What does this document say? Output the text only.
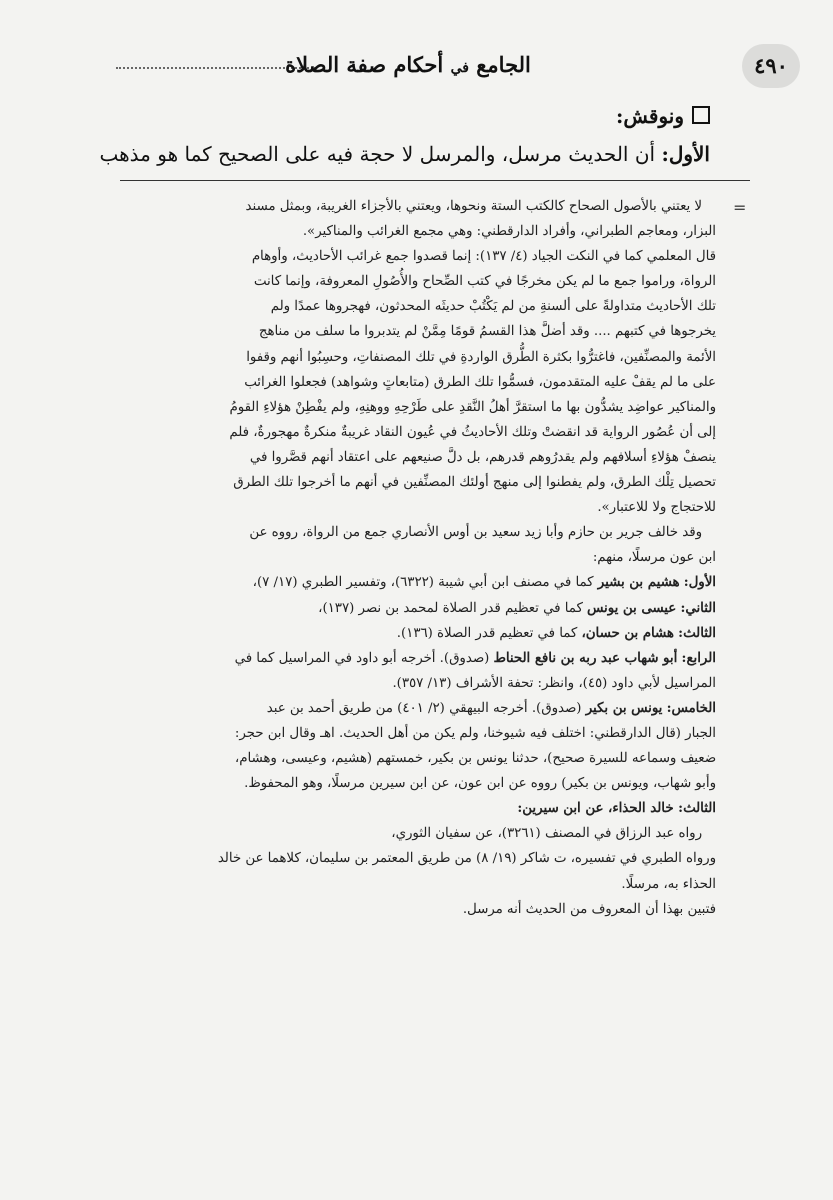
الجامع في أحكام صفة الصلاة	٤٩٠
ونوقش:
الأول: أن الحديث مرسل، والمرسل لا حجة فيه على الصحيح كما هو مذهب
=

لا يعتني بالأصول الصحاح كالكتب الستة ونحوها، ويعتني بالأجزاء الغريبة، وبمثل مسند

البزار، ومعاجم الطبراني، وأفراد الدارقطني: وهي مجمع الغرائب والمناكير».

قال المعلمي كما في النكت الجياد (٤/ ١٣٧): إنما قصدوا جمع غرائب الأحاديث، وأوهام

الرواة، وراموا جمع ما لم يكن مخرجًا في كتب الصِّحاح والأُصُولِ المعروفة، وإنما كانت

تلك الأحاديث متداولةً على ألسنةِ من لم يَكْتُبْ حديثَه المحدثون، فهجروها عمدًا ولم

يخرجوها في كتبهم .... وقد أضلَّ هذا القسمُ قومًا مِمَّنْ لم يتدبروا ما سلف من مناهج

الأئمة والمصنِّفين، فاغترُّوا بكثرة الطُّرق الواردةِ في تلك المصنفاتِ، وحسِبُوا أنهم وقفوا

على ما لم يقفْ عليه المتقدمون، فسمُّوا تلك الطرق (متابعاتٍ وشواهد) فجعلوا الغرائب

والمناكير عواضِد يشدُّون بها ما استقرَّ أهلُ النَّقدِ على طَرْحِهِ ووهنِهِ، ولم يفْطِنْ هؤلاءِ القومُ

إلى أن عُصُور الرواية قد انقضتْ وتلك الأحاديثُ في عُيون النقاد غريبةٌ منكرةٌ مهجورةٌ، فلم

ينصفْ هؤلاءِ أسلافهم ولم يقدرُوهم قدرهم، بل دلَّ صنيعهم على اعتقاد أنهم قصَّروا في

تحصيل تِلْك الطرق، ولم يفطنوا إلى منهج أولئك المصنِّفين في أنهم ما أخرجوا تلك الطرق

للاحتجاج ولا للاعتبار».

وقد خالف جرير بن حازم وأبا زيد سعيد بن أوس الأنصاري جمع من الرواة، رووه عن

ابن عون مرسلًا، منهم:

الأول: هشيم بن بشير كما في مصنف ابن أبي شيبة (٦٣٢٢)، وتفسير الطبري (١٧/ ٧)،

الثاني: عيسى بن يونس كما في تعظيم قدر الصلاة لمحمد بن نصر (١٣٧)،

الثالث: هشام بن حسان، كما في تعظيم قدر الصلاة (١٣٦).

الرابع: أبو شهاب عبد ربه بن نافع الحناط (صدوق). أخرجه أبو داود في المراسيل كما في

المراسيل لأبي داود (٤٥)، وانظر: تحفة الأشراف (١٣/ ٣٥٧).

الخامس: يونس بن بكير (صدوق). أخرجه البيهقي (٢/ ٤٠١) من طريق أحمد بن عبد

الجبار (قال الدارقطني: اختلف فيه شيوخنا، ولم يكن من أهل الحديث. اهـ وقال ابن حجر:

ضعيف وسماعه للسيرة صحيح)، حدثنا يونس بن بكير، خمستهم (هشيم، وعيسى، وهشام،

وأبو شهاب، ويونس بن بكير) رووه عن ابن عون، عن ابن سيرين مرسلًا، وهو المحفوظ.

الثالث: خالد الحذاء، عن ابن سيرين:

رواه عبد الرزاق في المصنف (٣٢٦١)، عن سفيان الثوري،

ورواه الطبري في تفسيره، ت شاكر (١٩/ ٨) من طريق المعتمر بن سليمان، كلاهما عن خالد

الحذاء به، مرسلًا.

فتبين بهذا أن المعروف من الحديث أنه مرسل.
